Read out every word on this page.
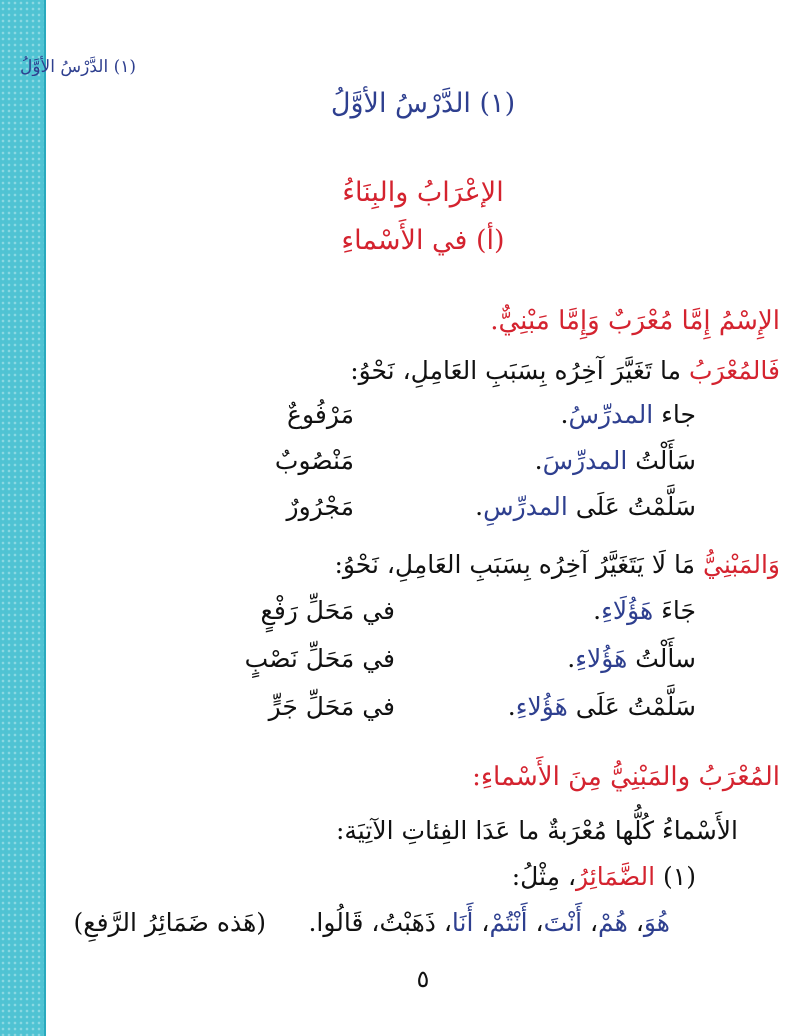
(١) الدَّرْسُ الأوَّلُ
(١) الدَّرْسُ الأوَّلُ
الإعْرَابُ والبِنَاءُ
(أ) في الأَسْماءِ
الإِسْمُ إِمَّا مُعْرَبٌ وَإِمَّا مَبْنِيٌّ.
فَالمُعْرَبُ ما تَغَيَّرَ آخِرُه بِسَبَبِ العَامِلِ، نَحْوُ:
جاء المدرِّسُ.
مَرْفُوعٌ
سَأَلْتُ المدرِّسَ.
مَنْصُوبٌ
سَلَّمْتُ عَلَى المدرِّسِ.
مَجْرُورٌ
وَالمَبْنِيُّ مَا لَا يَتَغَيَّرُ آخِرُه بِسَبَبِ العَامِلِ، نَحْوُ:
جَاءَ هَؤُلَاءِ.
في مَحَلِّ رَفْعٍ
سأَلْتُ هَؤُلاءِ.
في مَحَلِّ نَصْبٍ
سَلَّمْتُ عَلَى هَؤُلاءِ.
في مَحَلِّ جَرٍّ
المُعْرَبُ والمَبْنِيُّ مِنَ الأَسْماءِ:
الأَسْماءُ كُلُّها مُعْرَبةٌ ما عَدَا الفِئاتِ الآتِيَة:
(١) الضَّمَائِرُ، مِثْلُ:
هُوَ، هُمْ، أَنْتَ، أَنْتُمْ، أَنَا، ذَهَبْتُ، قَالُوا.
(هَذه ضَمَائِرُ الرَّفعِ)
٥
